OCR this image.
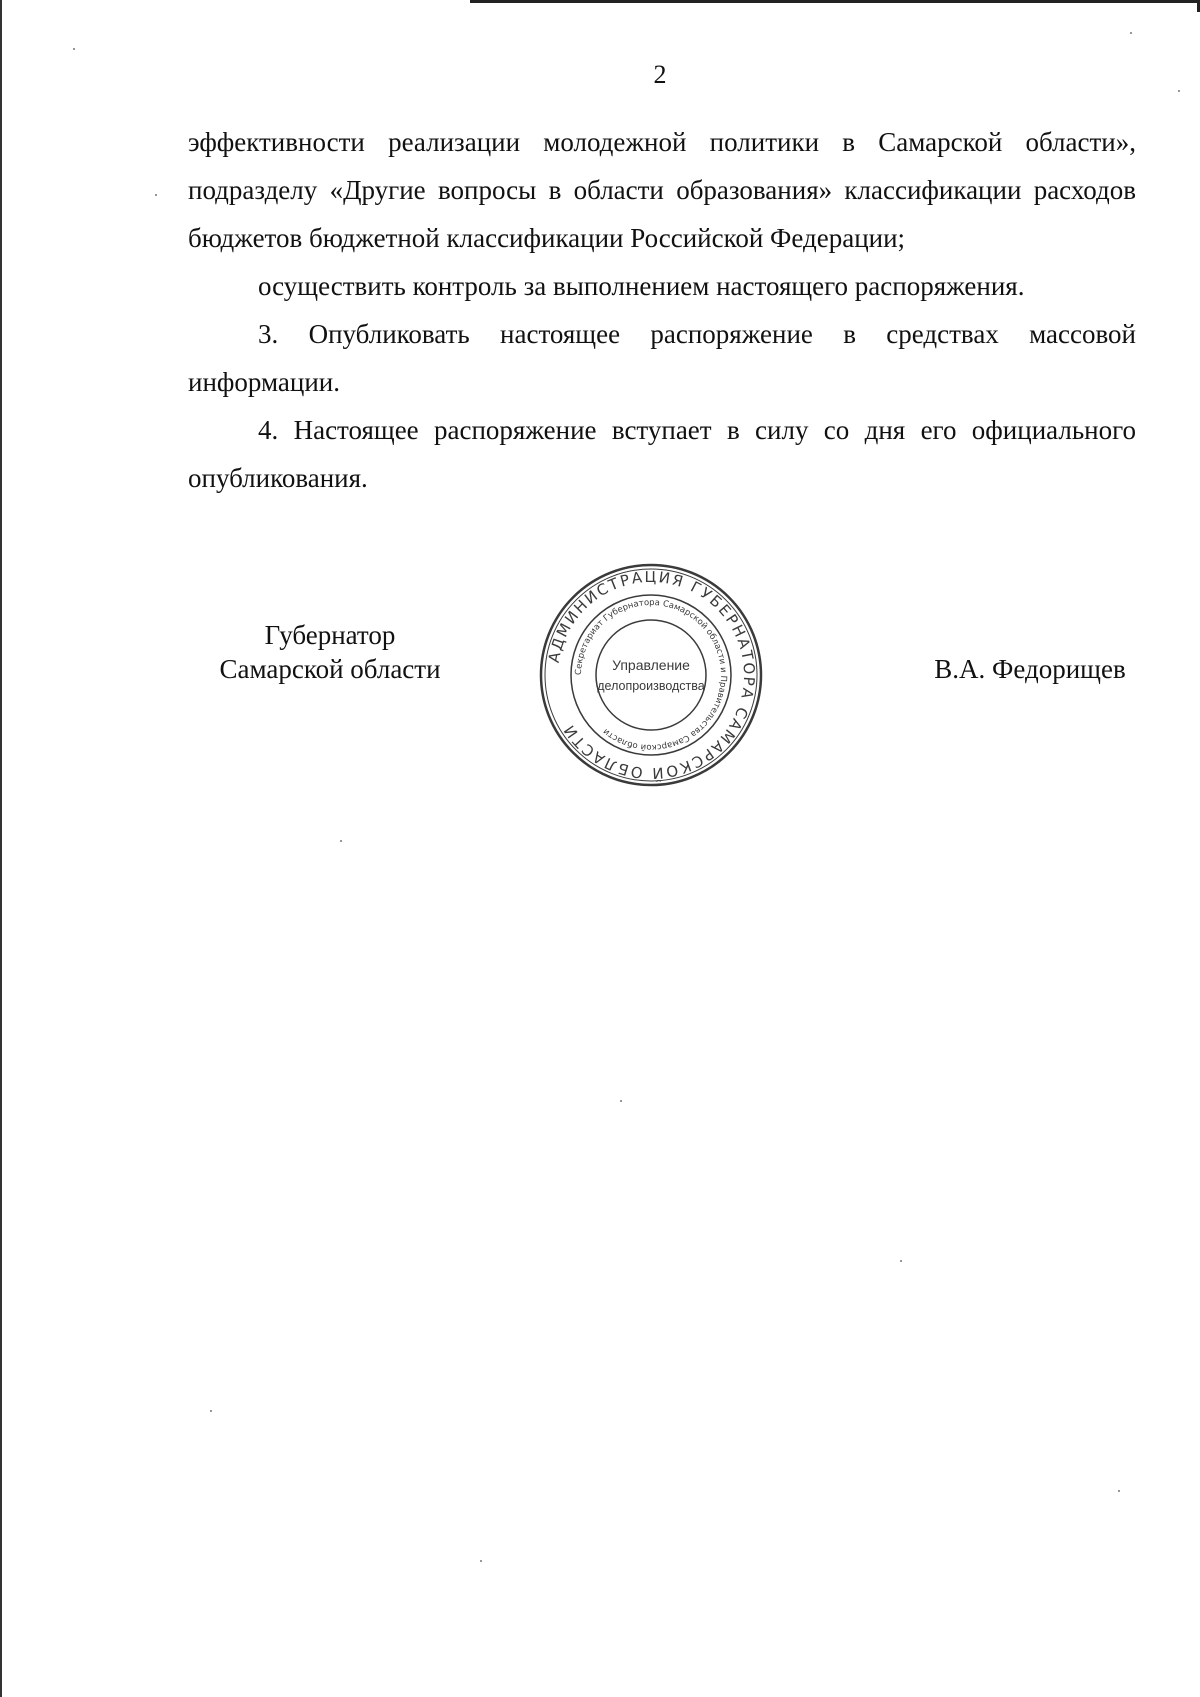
2

эффективности реализации молодежной политики в Самарской области», подразделу «Другие вопросы в области образования» классификации расходов бюджетов бюджетной классификации Российской Федерации;

осуществить контроль за выполнением настоящего распоряжения.

3. Опубликовать настоящее распоряжение в средствах массовой информации.

4. Настоящее распоряжение вступает в силу со дня его официального опубликования.

Губернатор
Самарской области	В.А. Федорищев
АДМИНИСТРАЦИЯ ГУБЕРНАТОРА САМАРСКОЙ ОБЛАСТИ
Секретариат Губернатора Самарской области и Правительства Самарской области
Управление
делопроизводства
